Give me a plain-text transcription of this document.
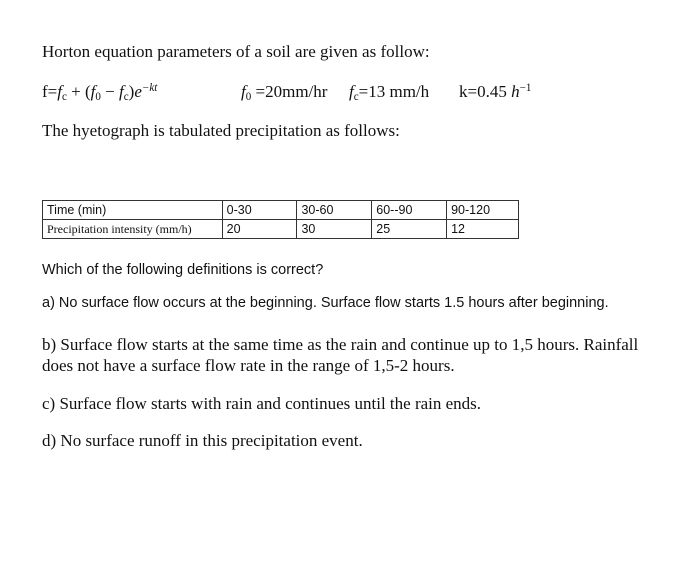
Horton equation parameters of a soil are given as follow:
$f=f_c + (f_0 - f_c)e^{-kt}$	$f_0 =20mm/hr$ $f_c=13$ mm/h k=0.45 $h^{-1}$
The hyetograph is tabulated precipitation as follows:
Time (min)	0-30	30-60	60--90	90-120
Precipitation intensity (mm/h)	20	30	25	12
Which of the following definitions is correct?
a) No surface flow occurs at the beginning. Surface flow starts 1.5 hours after beginning.
b) Surface flow starts at the same time as the rain and continue up to 1,5 hours. Rainfall does not have a surface flow rate in the range of 1,5-2 hours.
c) Surface flow starts with rain and continues until the rain ends.
d) No surface runoff in this precipitation event.
